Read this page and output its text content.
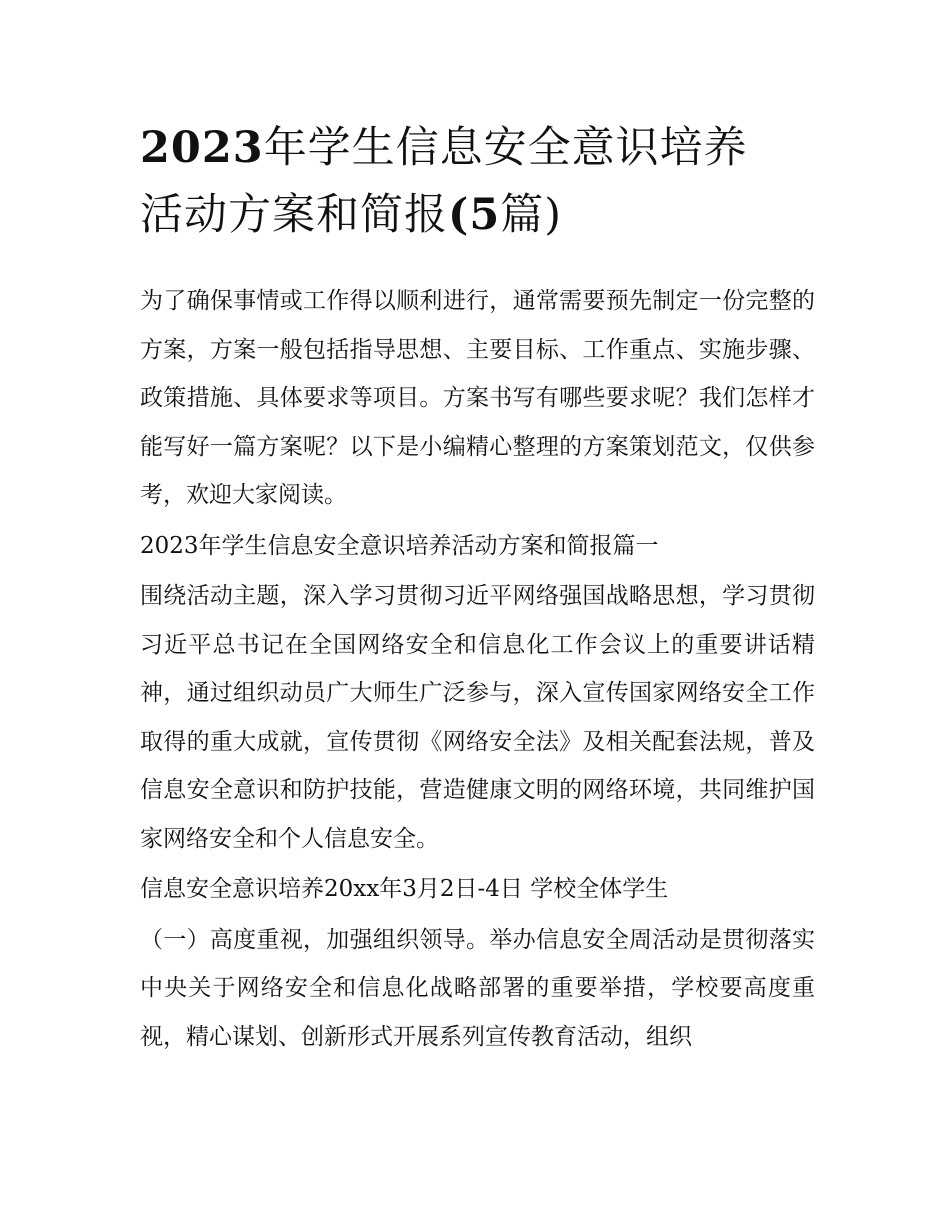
2023年学生信息安全意识培养
活动方案和简报(5篇)

为了确保事情或工作得以顺利进行，通常需要预先制定一份完整的方案，方案一般包括指导思想、主要目标、工作重点、实施步骤、政策措施、具体要求等项目。方案书写有哪些要求呢？我们怎样才能写好一篇方案呢？以下是小编精心整理的方案策划范文，仅供参考，欢迎大家阅读。

2023年学生信息安全意识培养活动方案和简报篇一

围绕活动主题，深入学习贯彻习近平网络强国战略思想，学习贯彻习近平总书记在全国网络安全和信息化工作会议上的重要讲话精神，通过组织动员广大师生广泛参与，深入宣传国家网络安全工作取得的重大成就，宣传贯彻《网络安全法》及相关配套法规，普及信息安全意识和防护技能，营造健康文明的网络环境，共同维护国家网络安全和个人信息安全。

信息安全意识培养20xx年3月2日-4日 学校全体学生

（一）高度重视，加强组织领导。举办信息安全周活动是贯彻落实中央关于网络安全和信息化战略部署的重要举措，学校要高度重视，精心谋划、创新形式开展系列宣传教育活动，组织
